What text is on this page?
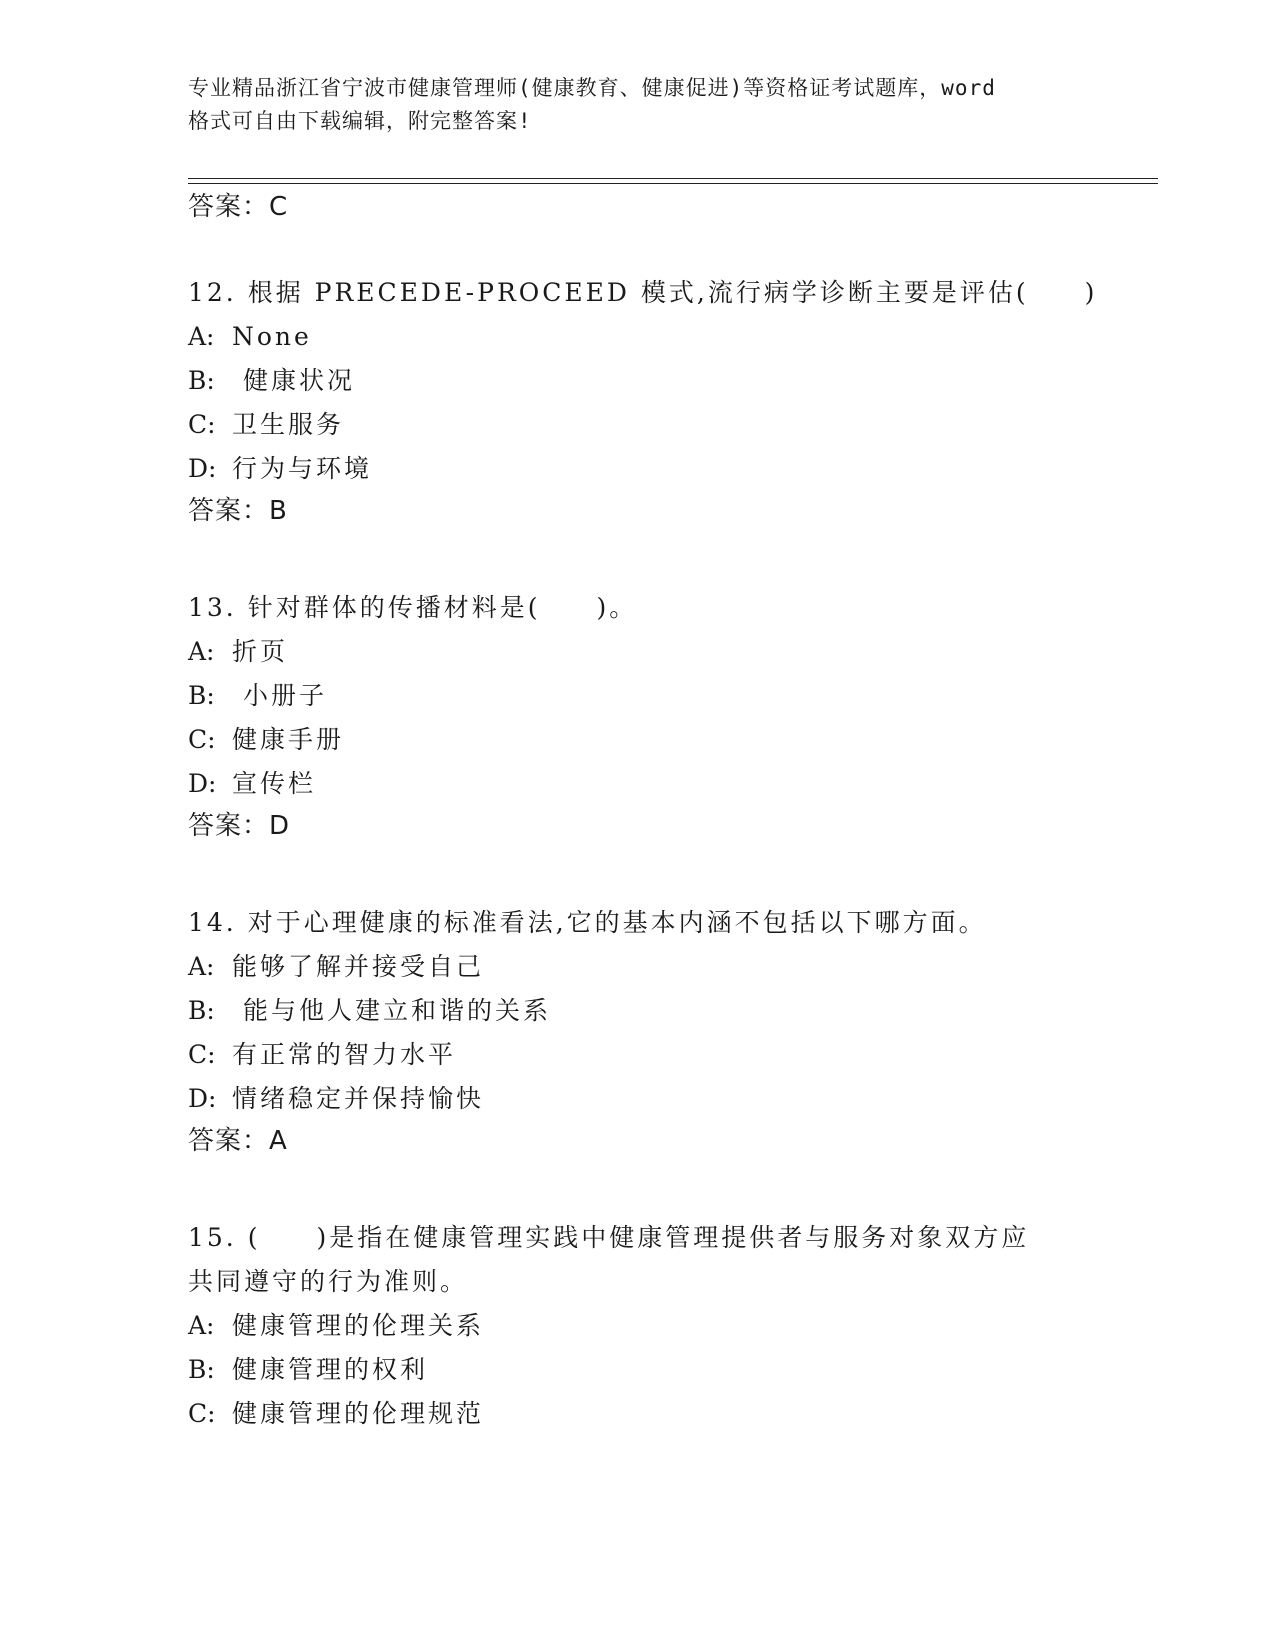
专业精品浙江省宁波市健康管理师(健康教育、健康促进)等资格证考试题库，word
格式可自由下载编辑，附完整答案!
答案：C
12. 根据 PRECEDE-PROCEED 模式,流行病学诊断主要是评估(　　)
A: None
B: 健康状况
C: 卫生服务
D: 行为与环境
答案：B
13. 针对群体的传播材料是(　　)。
A: 折页
B: 小册子
C: 健康手册
D: 宣传栏
答案：D
14. 对于心理健康的标准看法,它的基本内涵不包括以下哪方面。
A: 能够了解并接受自己
B: 能与他人建立和谐的关系
C: 有正常的智力水平
D: 情绪稳定并保持愉快
答案：A
15. (　　)是指在健康管理实践中健康管理提供者与服务对象双方应
共同遵守的行为准则。
A: 健康管理的伦理关系
B: 健康管理的权利
C: 健康管理的伦理规范
